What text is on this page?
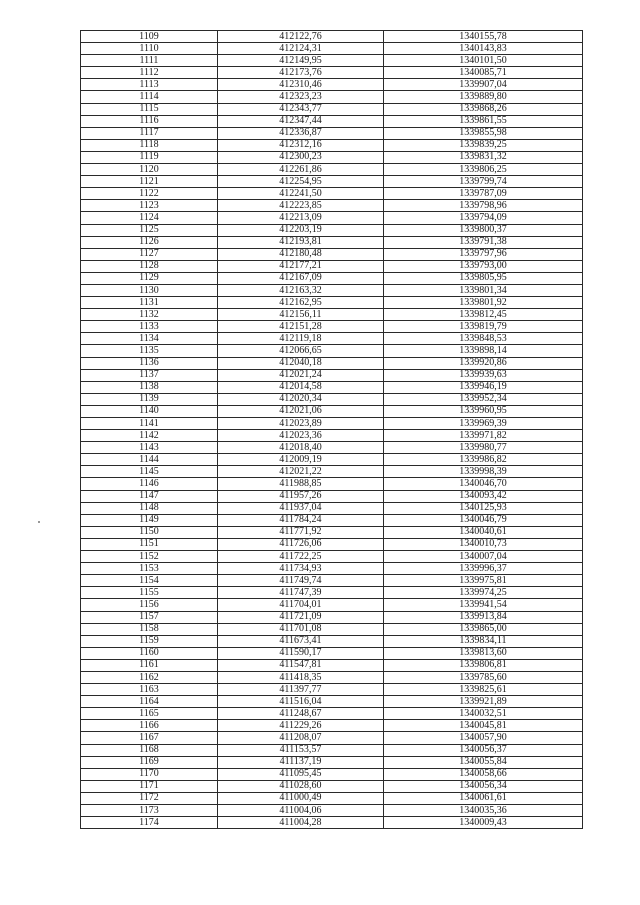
1109	412122,76	1340155,78
1110	412124,31	1340143,83
1111	412149,95	1340101,50
1112	412173,76	1340085,71
1113	412310,46	1339907,04
1114	412323,23	1339889,80
1115	412343,77	1339868,26
1116	412347,44	1339861,55
1117	412336,87	1339855,98
1118	412312,16	1339839,25
1119	412300,23	1339831,32
1120	412261,86	1339806,25
1121	412254,95	1339799,74
1122	412241,50	1339787,09
1123	412223,85	1339798,96
1124	412213,09	1339794,09
1125	412203,19	1339800,37
1126	412193,81	1339791,38
1127	412180,48	1339797,96
1128	412177,21	1339793,00
1129	412167,09	1339805,95
1130	412163,32	1339801,34
1131	412162,95	1339801,92
1132	412156,11	1339812,45
1133	412151,28	1339819,79
1134	412119,18	1339848,53
1135	412066,65	1339898,14
1136	412040,18	1339920,86
1137	412021,24	1339939,63
1138	412014,58	1339946,19
1139	412020,34	1339952,34
1140	412021,06	1339960,95
1141	412023,89	1339969,39
1142	412023,36	1339971,82
1143	412018,40	1339980,77
1144	412009,19	1339986,82
1145	412021,22	1339998,39
1146	411988,85	1340046,70
1147	411957,26	1340093,42
1148	411937,04	1340125,93
1149	411784,24	1340046,79
1150	411771,92	1340040,61
1151	411726,06	1340010,73
1152	411722,25	1340007,04
1153	411734,93	1339996,37
1154	411749,74	1339975,81
1155	411747,39	1339974,25
1156	411704,01	1339941,54
1157	411721,09	1339913,84
1158	411701,08	1339865,00
1159	411673,41	1339834,11
1160	411590,17	1339813,60
1161	411547,81	1339806,81
1162	411418,35	1339785,60
1163	411397,77	1339825,61
1164	411516,04	1339921,89
1165	411248,67	1340032,51
1166	411229,26	1340045,81
1167	411208,07	1340057,90
1168	411153,57	1340056,37
1169	411137,19	1340055,84
1170	411095,45	1340058,66
1171	411028,60	1340056,34
1172	411000,49	1340061,61
1173	411004,06	1340035,36
1174	411004,28	1340009,43
